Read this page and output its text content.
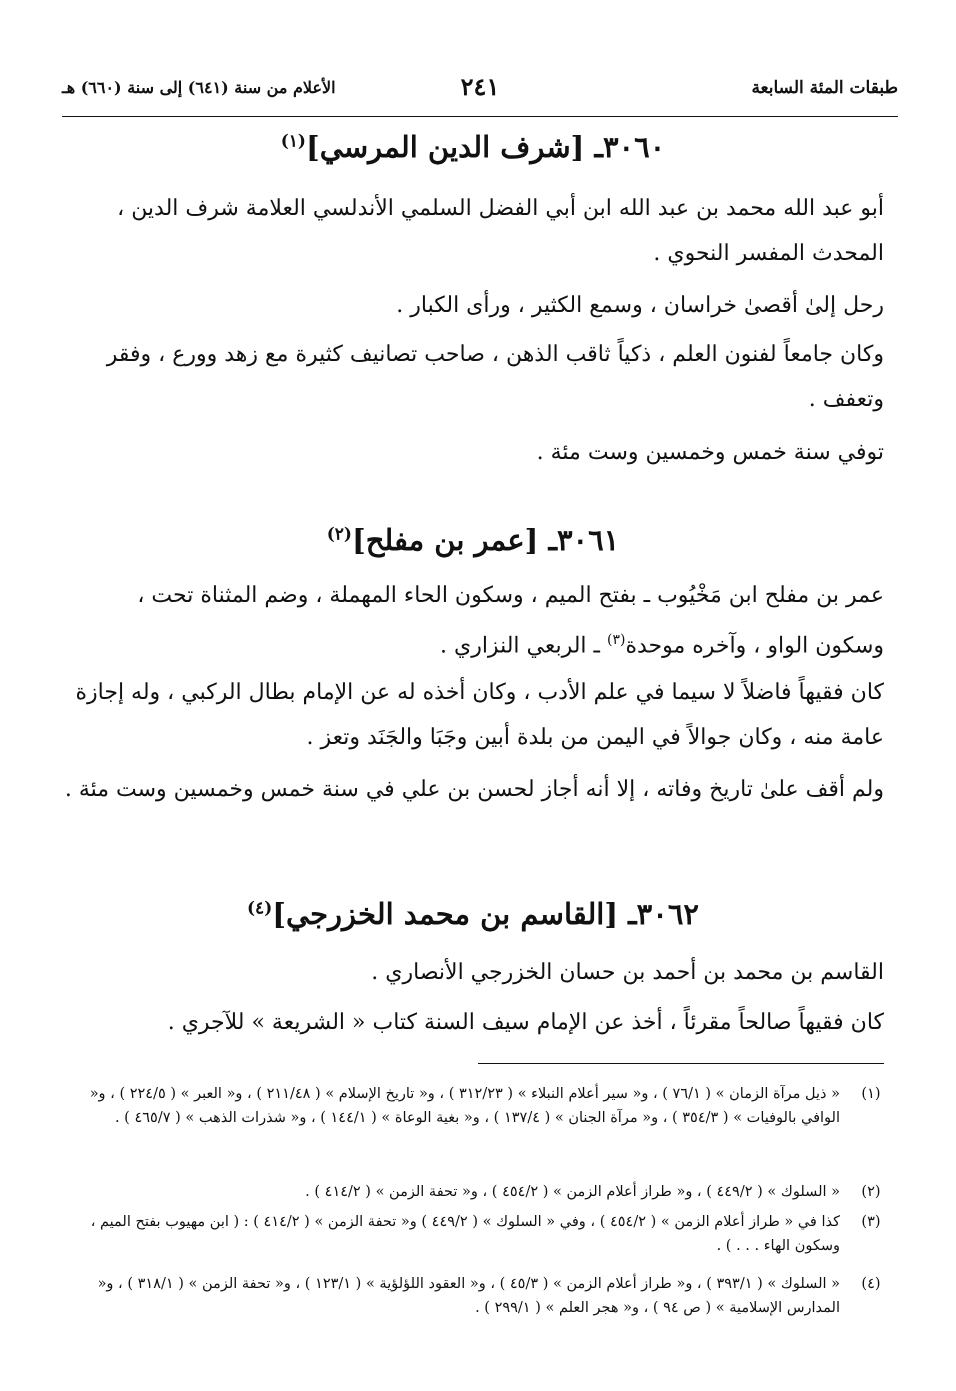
طبقات المئة السابعة
٢٤١
الأعلام من سنة (٦٤١) إلى سنة (٦٦٠) هـ
٣٠٦٠ـ [شرف الدين المرسي]$^{(١)}$
أبو عبد الله محمد بن عبد الله ابن أبي الفضل السلمي الأندلسي العلامة شرف الدين ، المحدث المفسر النحوي .
رحل إلىٰ أقصىٰ خراسان ، وسمع الكثير ، ورأى الكبار .
وكان جامعاً لفنون العلم ، ذكياً ثاقب الذهن ، صاحب تصانيف كثيرة مع زهد وورع ، وفقر وتعفف .
توفي سنة خمس وخمسين وست مئة .
٣٠٦١ـ [عمر بن مفلح]$^{(٢)}$
عمر بن مفلح ابن مَخْيُوب ـ بفتح الميم ، وسكون الحاء المهملة ، وضم المثناة تحت ، وسكون الواو ، وآخره موحدة$^{(٣)}$ ـ الربعي النزاري .
كان فقيهاً فاضلاً لا سيما في علم الأدب ، وكان أخذه له عن الإمام بطال الركبي ، وله إجازة عامة منه ، وكان جوالاً في اليمن من بلدة أبين وجَبَا والجَنَد وتعز .
ولم أقف علىٰ تاريخ وفاته ، إلا أنه أجاز لحسن بن علي في سنة خمس وخمسين وست مئة .
٣٠٦٢ـ [القاسم بن محمد الخزرجي]$^{(٤)}$
القاسم بن محمد بن أحمد بن حسان الخزرجي الأنصاري .
كان فقيهاً صالحاً مقرئاً ، أخذ عن الإمام سيف السنة كتاب « الشريعة » للآجري .
(١)
« ذيل مرآة الزمان » ( ٧٦/١ ) ، و« سير أعلام النبلاء » ( ٣١٢/٢٣ ) ، و« تاريخ الإسلام » ( ٢١١/٤٨ ) ، و« العبر » ( ٢٢٤/٥ ) ، و« الوافي بالوفيات » ( ٣٥٤/٣ ) ، و« مرآة الجنان » ( ١٣٧/٤ ) ، و« بغية الوعاة » ( ١٤٤/١ ) ، و« شذرات الذهب » ( ٤٦٥/٧ ) .
(٢)
« السلوك » ( ٤٤٩/٢ ) ، و« طراز أعلام الزمن » ( ٤٥٤/٢ ) ، و« تحفة الزمن » ( ٤١٤/٢ ) .
(٣)
كذا في « طراز أعلام الزمن » ( ٤٥٤/٢ ) ، وفي « السلوك » ( ٤٤٩/٢ ) و« تحفة الزمن » ( ٤١٤/٢ ) : ( ابن مهيوب بفتح الميم ، وسكون الهاء . . . ) .
(٤)
« السلوك » ( ٣٩٣/١ ) ، و« طراز أعلام الزمن » ( ٤٥/٣ ) ، و« العقود اللؤلؤية » ( ١٢٣/١ ) ، و« تحفة الزمن » ( ٣١٨/١ ) ، و« المدارس الإسلامية » ( ص ٩٤ ) ، و« هجر العلم » ( ٢٩٩/١ ) .
